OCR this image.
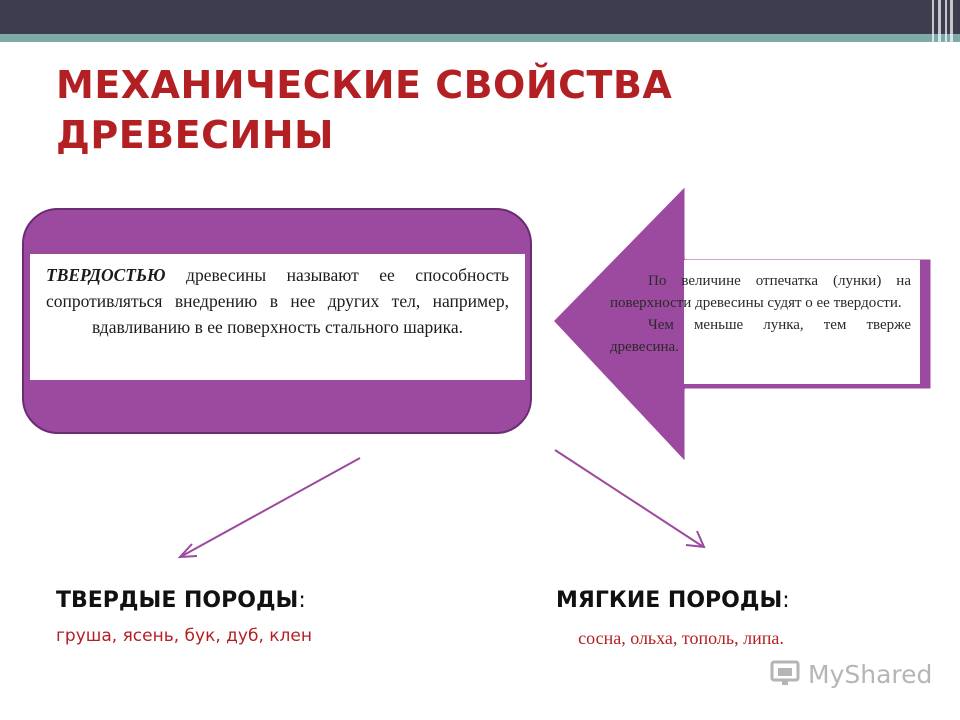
МЕХАНИЧЕСКИЕ СВОЙСТВА ДРЕВЕСИНЫ
ТВЕРДОСТЬЮ древесины называют ее способность сопротивляться внедрению в нее других тел, например, вдавливанию в ее поверхность стального шарика.

По величине отпечатка (лунки) на поверхности древесины судят о ее твердости.

Чем меньше лунка, тем тверже древесина.

ТВЕРДЫЕ ПОРОДЫ:
груша, ясень, бук, дуб, клен
МЯГКИЕ ПОРОДЫ:
сосна, ольха, тополь, липа.
MyShared
